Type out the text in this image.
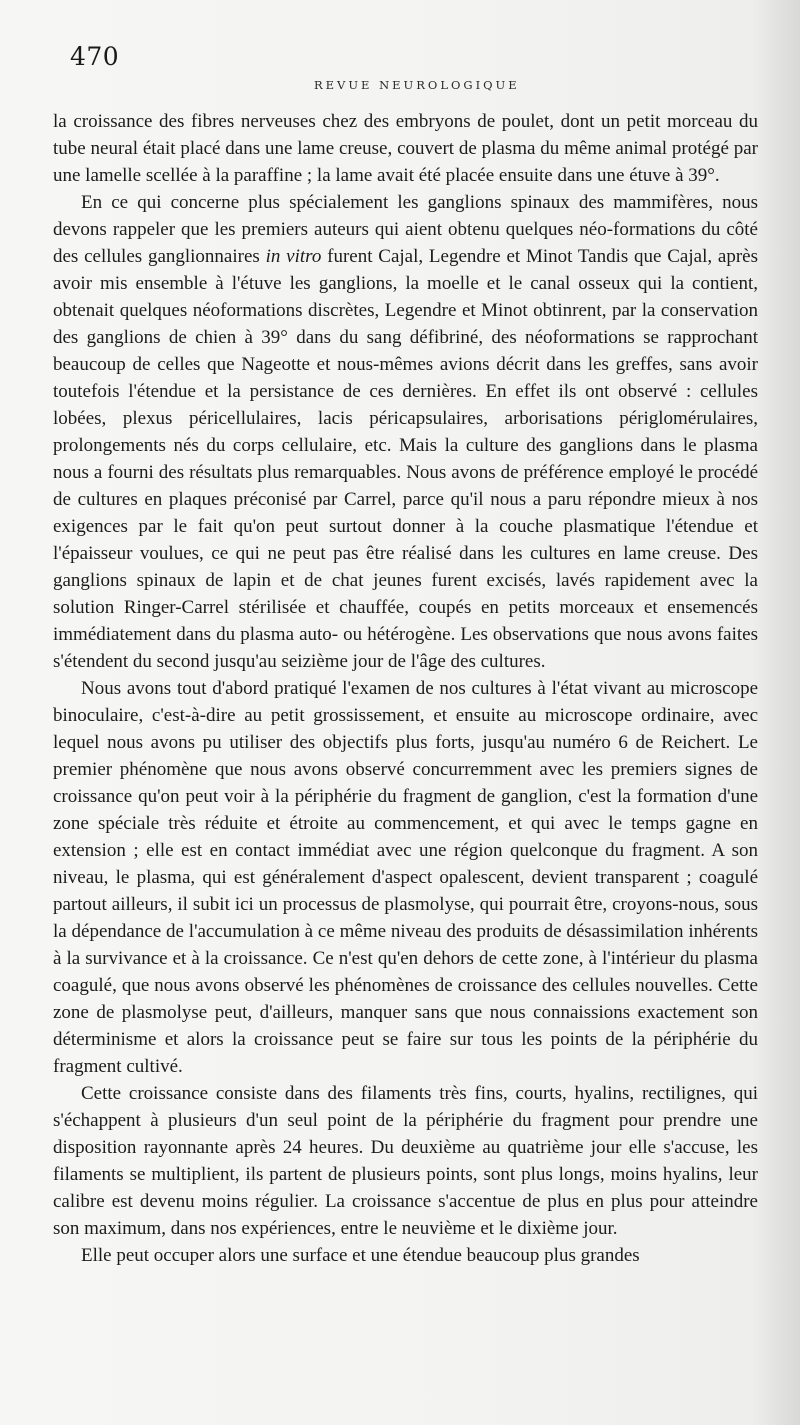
470
REVUE NEUROLOGIQUE

la croissance des fibres nerveuses chez des embryons de poulet, dont un petit morceau du tube neural était placé dans une lame creuse, couvert de plasma du même animal protégé par une lamelle scellée à la paraffine ; la lame avait été placée ensuite dans une étuve à 39°.

En ce qui concerne plus spécialement les ganglions spinaux des mammifères, nous devons rappeler que les premiers auteurs qui aient obtenu quelques néo-formations du côté des cellules ganglionnaires in vitro furent Cajal, Legendre et Minot Tandis que Cajal, après avoir mis ensemble à l'étuve les ganglions, la moelle et le canal osseux qui la contient, obtenait quelques néoformations discrètes, Legendre et Minot obtinrent, par la conservation des ganglions de chien à 39° dans du sang défibriné, des néoformations se rapprochant beaucoup de celles que Nageotte et nous-mêmes avions décrit dans les greffes, sans avoir toutefois l'étendue et la persistance de ces dernières. En effet ils ont observé : cellules lobées, plexus péricellulaires, lacis péricapsulaires, arborisations périglomérulaires, prolongements nés du corps cellulaire, etc. Mais la culture des ganglions dans le plasma nous a fourni des résultats plus remarquables. Nous avons de préférence employé le procédé de cultures en plaques préconisé par Carrel, parce qu'il nous a paru répondre mieux à nos exigences par le fait qu'on peut surtout donner à la couche plasmatique l'étendue et l'épaisseur voulues, ce qui ne peut pas être réalisé dans les cultures en lame creuse. Des ganglions spinaux de lapin et de chat jeunes furent excisés, lavés rapidement avec la solution Ringer-Carrel stérilisée et chauffée, coupés en petits morceaux et ensemencés immédiatement dans du plasma auto- ou hétérogène. Les observations que nous avons faites s'étendent du second jusqu'au seizième jour de l'âge des cultures.

Nous avons tout d'abord pratiqué l'examen de nos cultures à l'état vivant au microscope binoculaire, c'est-à-dire au petit grossissement, et ensuite au microscope ordinaire, avec lequel nous avons pu utiliser des objectifs plus forts, jusqu'au numéro 6 de Reichert. Le premier phénomène que nous avons observé concurremment avec les premiers signes de croissance qu'on peut voir à la périphérie du fragment de ganglion, c'est la formation d'une zone spéciale très réduite et étroite au commencement, et qui avec le temps gagne en extension ; elle est en contact immédiat avec une région quelconque du fragment. A son niveau, le plasma, qui est généralement d'aspect opalescent, devient transparent ; coagulé partout ailleurs, il subit ici un processus de plasmolyse, qui pourrait être, croyons-nous, sous la dépendance de l'accumulation à ce même niveau des produits de désassimilation inhérents à la survivance et à la croissance. Ce n'est qu'en dehors de cette zone, à l'intérieur du plasma coagulé, que nous avons observé les phénomènes de croissance des cellules nouvelles. Cette zone de plasmolyse peut, d'ailleurs, manquer sans que nous connaissions exactement son déterminisme et alors la croissance peut se faire sur tous les points de la périphérie du fragment cultivé.

Cette croissance consiste dans des filaments très fins, courts, hyalins, rectilignes, qui s'échappent à plusieurs d'un seul point de la périphérie du fragment pour prendre une disposition rayonnante après 24 heures. Du deuxième au quatrième jour elle s'accuse, les filaments se multiplient, ils partent de plusieurs points, sont plus longs, moins hyalins, leur calibre est devenu moins régulier. La croissance s'accentue de plus en plus pour atteindre son maximum, dans nos expériences, entre le neuvième et le dixième jour.

Elle peut occuper alors une surface et une étendue beaucoup plus grandes
